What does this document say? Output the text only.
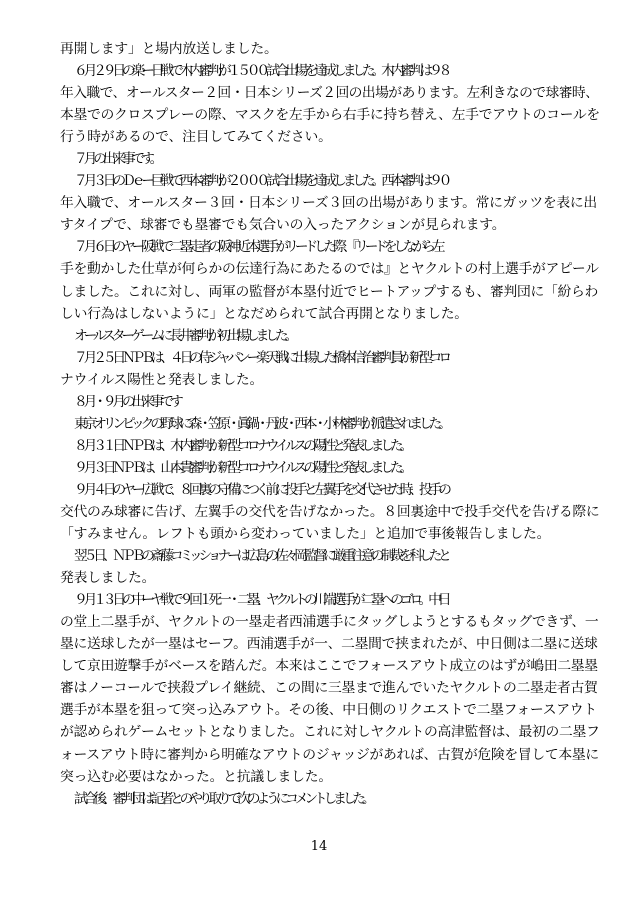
再開します」と場内放送しました。
６月２９日の楽ー日戦で木内審判が１５００試合出場を達成しました。木内審判は９８
年入職で、オールスター２回・日本シリーズ２回の出場があります。左利きなので球審時、
本塁でのクロスプレーの際、マスクを左手から右手に持ち替え、左手でアウトのコールを
行う時があるので、注目してみてください。
７月の出来事です。
７月３日のＤｅー巨戦で西本審判が２０００試合出場を達成しました。西本審判は９０
年入職で、オールスター３回・日本シリーズ３回の出場があります。常にガッツを表に出
すタイプで、球審でも塁審でも気合いの入ったアクションが見られます。
７月６日のヤー阪戦で二塁走者の阪神近本選手がリードした際、『リードをしながら左
手を動かした仕草が何らかの伝達行為にあたるのでは』とヤクルトの村上選手がアピール
しました。これに対し、両軍の監督が本塁付近でヒートアップするも、審判団に「紛らわ
しい行為はしないように」となだめられて試合再開となりました。
オールスターゲームに長井審判が初出場しました。
７月２５日ＮＰＢは、４日の侍ジャパンー楽天戦に出場した橋本信治審判員が新型コロ
ナウイルス陽性と発表しました。
８月・９月の出来事です
東京オリンピックの野球に森・笠原・眞鍋・丹波・西本・小林審判が派遣されました。
８月３１日ＮＰＢは、木内審判が新型コロナウイルスの陽性と発表しました。
９月３日ＮＰＢは、山本貴審判が新型コロナウイルスの陽性と発表しました。
９月４日のヤー広戦で、８回裏の守備につく前に投手と左翼手を交代させた時、投手の
交代のみ球審に告げ、左翼手の交代を告げなかった。８回裏途中で投手交代を告げる際に
「すみません。レフトも頭から変わっていました」と追加で事後報告しました。
翌５日、ＮＰＢの斎藤コミッショナーは広島の佐々岡監督に厳重注意の制裁を科したと
発表しました。
９月１３日の中ーヤ戦で９回１死一・二塁、ヤクルトの川端選手が二塁へのゴロ。中日
の堂上二塁手が、ヤクルトの一塁走者西浦選手にタッグしようとするもタッグできず、一
塁に送球したが一塁はセーフ。西浦選手が一、二塁間で挟まれたが、中日側は二塁に送球
して京田遊撃手がベースを踏んだ。本来はここでフォースアウト成立のはずが嶋田二塁塁
審はノーコールで挟殺プレイ継続、この間に三塁まで進んでいたヤクルトの二塁走者古賀
選手が本塁を狙って突っ込みアウト。その後、中日側のリクエストで二塁フォースアウト
が認められゲームセットとなりました。これに対しヤクルトの高津監督は、最初の二塁フ
ォースアウト時に審判から明確なアウトのジャッジがあれば、古賀が危険を冒して本塁に
突っ込む必要はなかった。と抗議しました。
試合後、審判団は記者とのやり取りで次のようにコメントしました。
14
